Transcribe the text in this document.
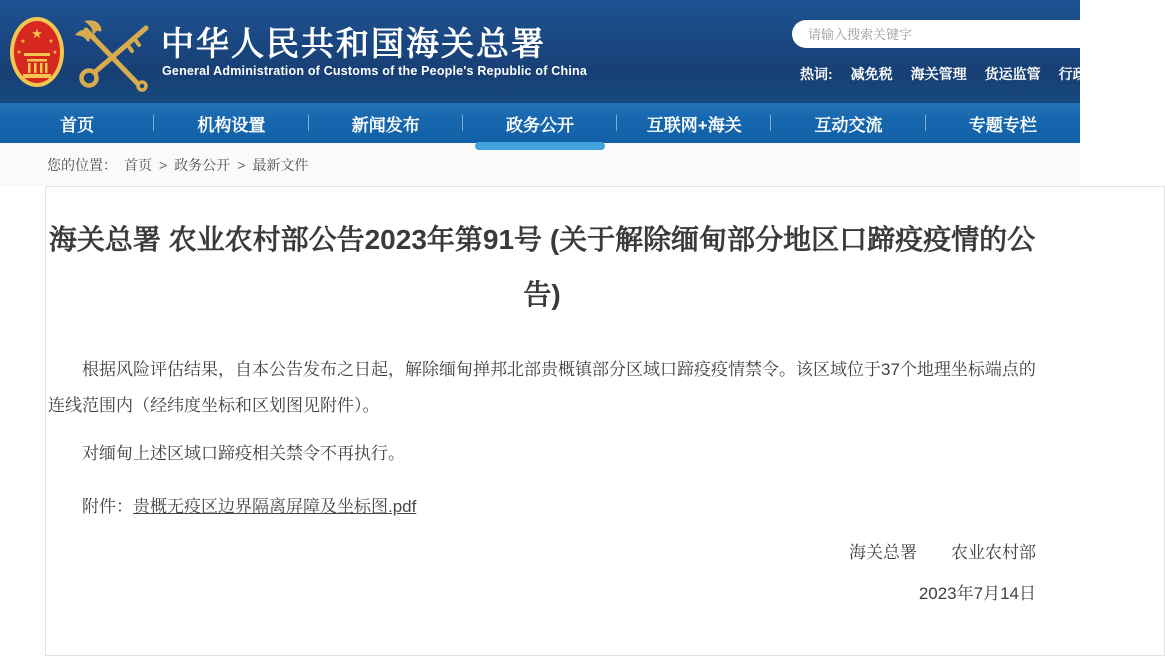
★
★	★
★	★	中华人民共和国海关总署
General Administration of Customs of the People's Republic of China
请输入搜索关键字	热词: 减免税 海关管理 货运监管 行政监管
首页	机构设置	新闻发布	政务公开	互联网+海关	互动交流	专题专栏
您的位置： 首页 > 政务公开 > 最新文件
海关总署 农业农村部公告2023年第91号 (关于解除缅甸部分地区口蹄疫疫情的公告)

根据风险评估结果，自本公告发布之日起，解除缅甸掸邦北部贵概镇部分区域口蹄疫疫情禁令。该区域位于37个地理坐标端点的连线范围内（经纬度坐标和区划图见附件）。

对缅甸上述区域口蹄疫相关禁令不再执行。

附件：贵概无疫区边界隔离屏障及坐标图.pdf

海关总署　　农业农村部

2023年7月14日
